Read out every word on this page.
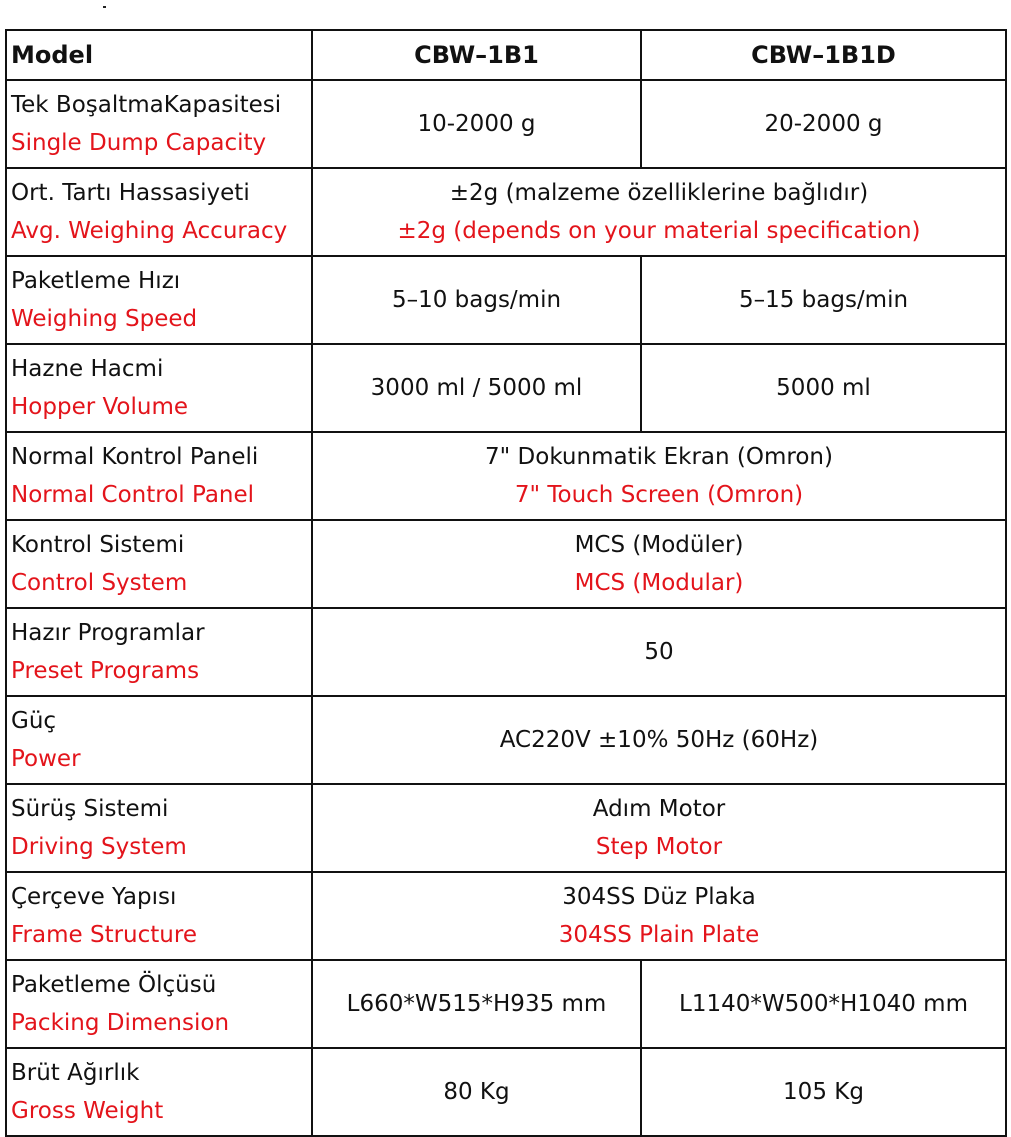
Model	CBW–1B1	CBW–1B1D

Tek BoşaltmaKapasitesi
Single Dump Capacity	10-2000 g	20-2000 g

Ort. Tartı Hassasiyeti
Avg. Weighing Accuracy	±2g (malzeme özelliklerine bağlıdır)
±2g (depends on your material specification)	

Paketleme Hızı
Weighing Speed	5–10 bags/min	5–15 bags/min

Hazne Hacmi
Hopper Volume	3000 ml / 5000 ml	5000 ml

Normal Kontrol Paneli
Normal Control Panel	7" Dokunmatik Ekran (Omron)
7" Touch Screen (Omron)	

Kontrol Sistemi
Control System	MCS (Modüler)
MCS (Modular)	

Hazır Programlar
Preset Programs	50	

Güç
Power	AC220V ±10% 50Hz (60Hz)	

Sürüş Sistemi
Driving System	Adım Motor
Step Motor	

Çerçeve Yapısı
Frame Structure	304SS Düz Plaka
304SS Plain Plate	

Paketleme Ölçüsü
Packing Dimension	L660*W515*H935 mm	L1140*W500*H1040 mm

Brüt Ağırlık
Gross Weight	80 Kg	105 Kg
